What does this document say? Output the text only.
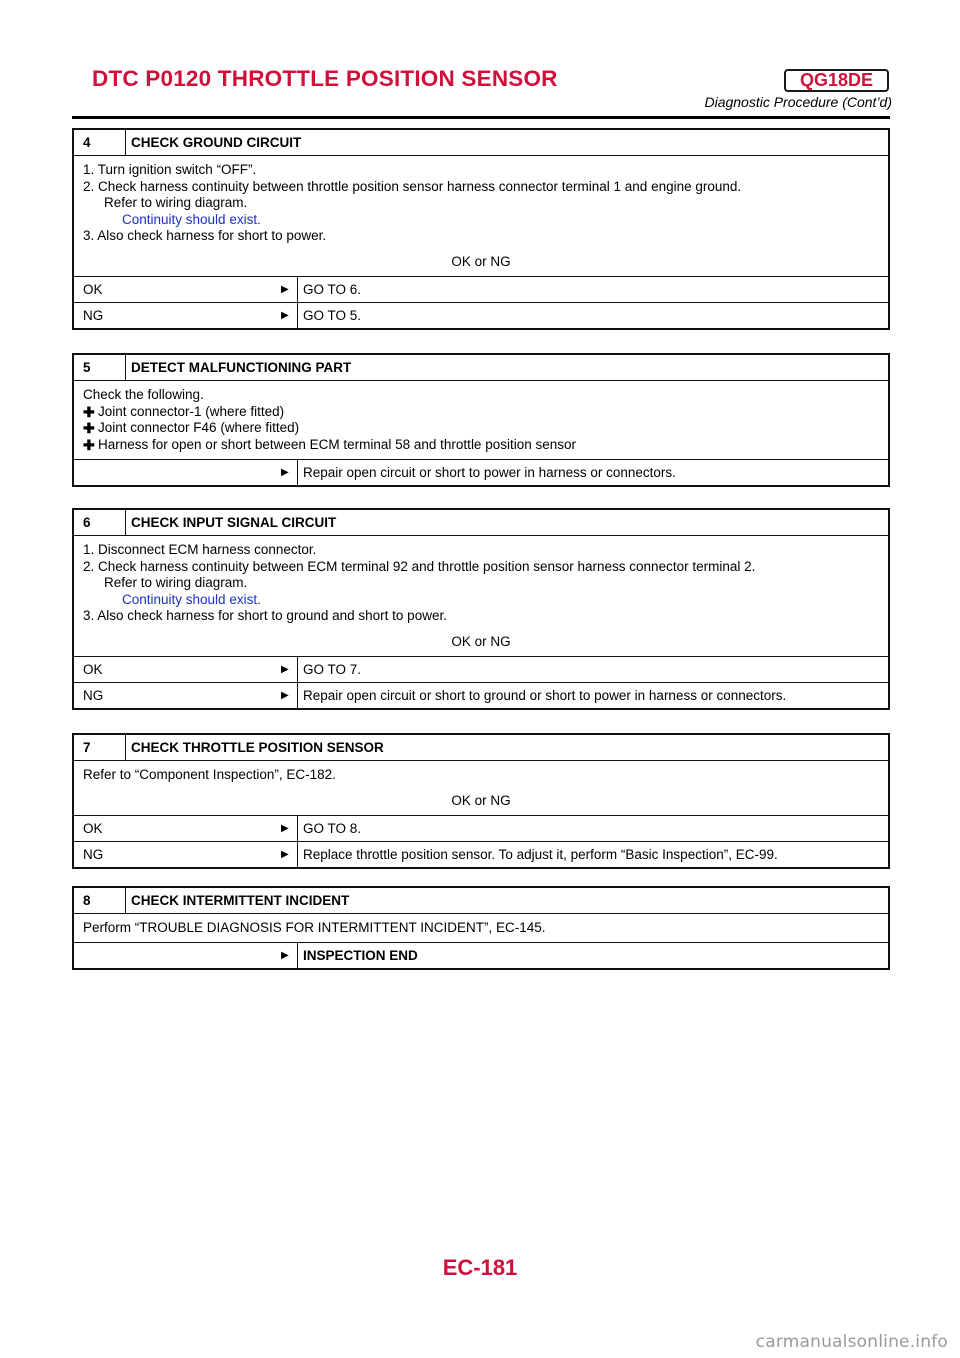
DTC P0120 THROTTLE POSITION SENSOR	QG18DE
Diagnostic Procedure (Cont’d)
4	CHECK GROUND CIRCUIT
1. Turn ignition switch “OFF”.
2. Check harness continuity between throttle position sensor harness connector terminal 1 and engine ground.
Refer to wiring diagram.
Continuity should exist.
3. Also check harness for short to power.
OK or NG
OK	▶ GO TO 6.
NG	▶ GO TO 5.
5	DETECT MALFUNCTIONING PART
Check the following.
✚ Joint connector-1 (where fitted)
✚ Joint connector F46 (where fitted)
✚ Harness for open or short between ECM terminal 58 and throttle position sensor
▶ Repair open circuit or short to power in harness or connectors.
6	CHECK INPUT SIGNAL CIRCUIT
1. Disconnect ECM harness connector.
2. Check harness continuity between ECM terminal 92 and throttle position sensor harness connector terminal 2.
Refer to wiring diagram.
Continuity should exist.
3. Also check harness for short to ground and short to power.
OK or NG
OK	▶ GO TO 7.
NG	▶ Repair open circuit or short to ground or short to power in harness or connectors.
7	CHECK THROTTLE POSITION SENSOR
Refer to “Component Inspection”, EC-182.
OK or NG
OK	▶ GO TO 8.
NG	▶ Replace throttle position sensor. To adjust it, perform “Basic Inspection”, EC-99.
8	CHECK INTERMITTENT INCIDENT
Perform “TROUBLE DIAGNOSIS FOR INTERMITTENT INCIDENT”, EC-145.
▶ INSPECTION END
EC-181
carmanualsonline.info
